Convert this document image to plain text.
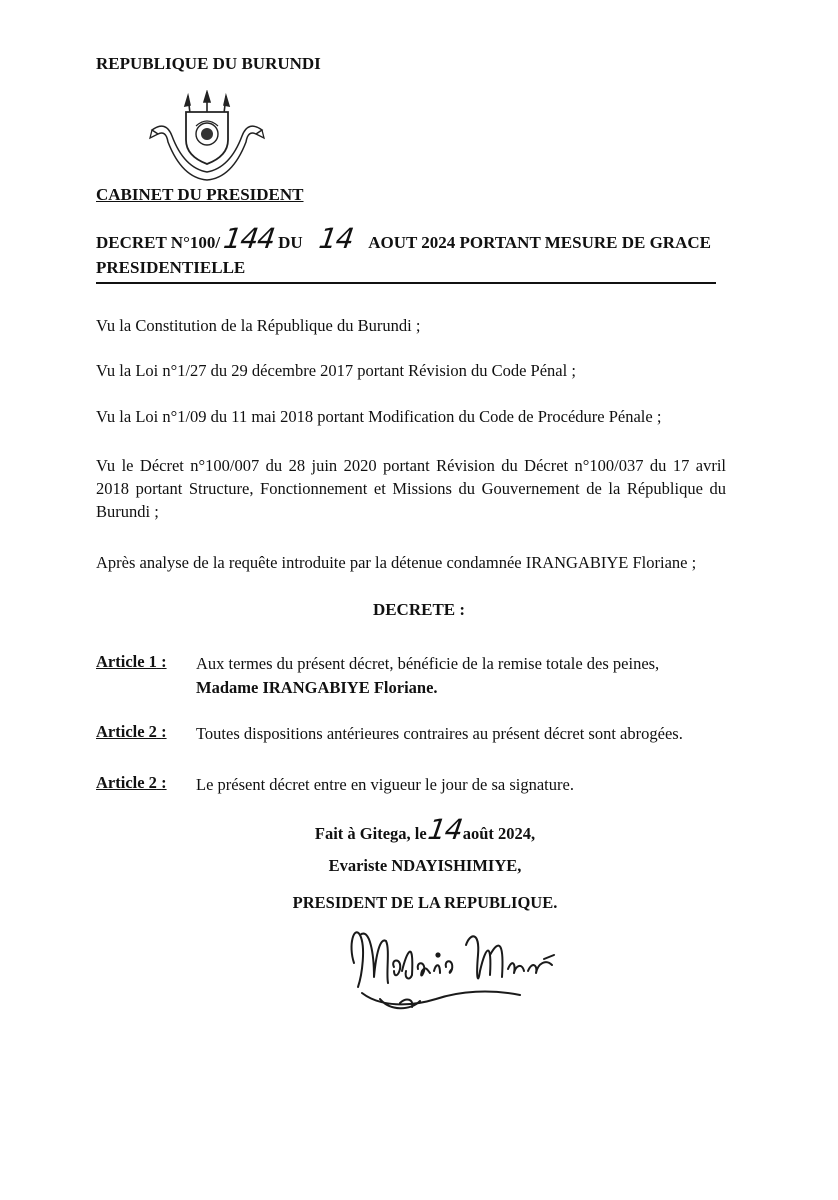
REPUBLIQUE DU BURUNDI
CABINET DU PRESIDENT
DECRET N°100/144DU 14 AOUT 2024 PORTANT MESURE DE GRACE
PRESIDENTIELLE
Vu la Constitution de la République du Burundi ;
Vu la Loi n°1/27 du 29 décembre 2017 portant Révision du Code Pénal ;
Vu la Loi n°1/09 du 11 mai 2018 portant Modification du Code de Procédure Pénale ;
Vu le Décret n°100/007 du 28 juin 2020 portant Révision du Décret n°100/037 du 17 avril 2018 portant Structure, Fonctionnement et Missions du Gouvernement de la République du Burundi ;
Après analyse de la requête introduite par la détenue condamnée IRANGABIYE Floriane ;
DECRETE :
Article 1 : Aux termes du présent décret, bénéficie de la remise totale des peines,
Madame IRANGABIYE Floriane.
Article 2 : Toutes dispositions antérieures contraires au présent décret sont abrogées.
Article 2 : Le présent décret entre en vigueur le jour de sa signature.
Fait à Gitega, le14août 2024,
Evariste NDAYISHIMIYE,
PRESIDENT DE LA REPUBLIQUE.
